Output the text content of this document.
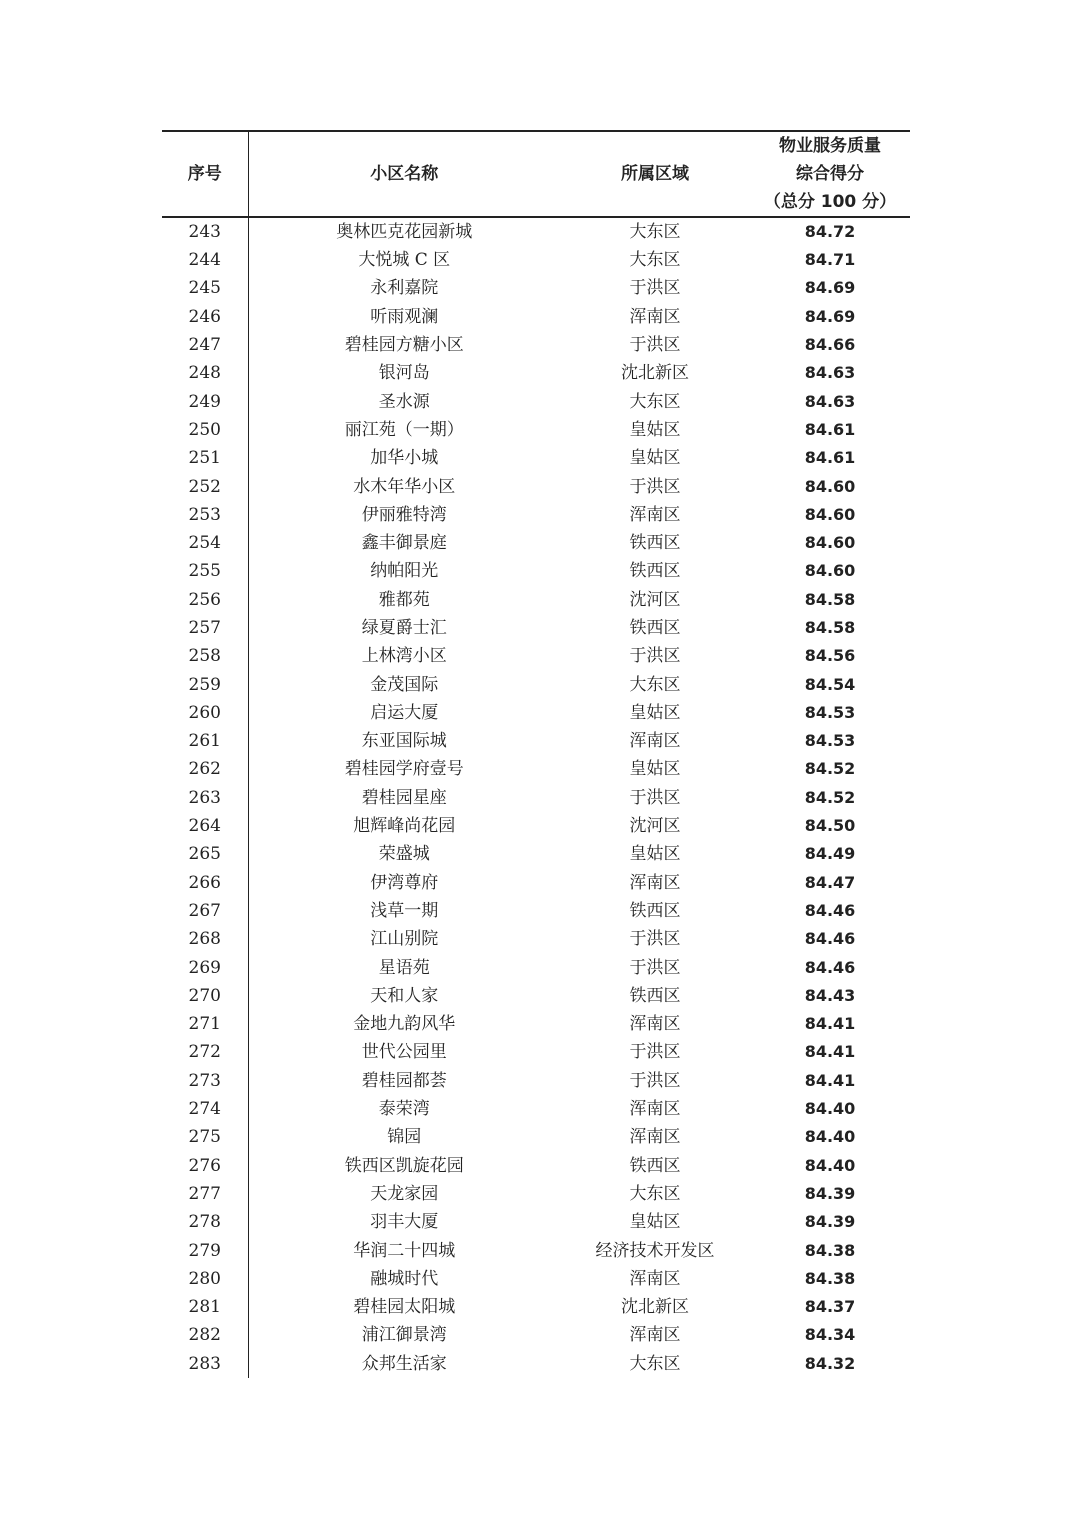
序号	小区名称	所属区域	物业服务质量
综合得分
（总分 100 分）

243	奥林匹克花园新城	大东区	84.72
244	大悦城 C 区	大东区	84.71
245	永利嘉院	于洪区	84.69
246	听雨观澜	浑南区	84.69
247	碧桂园方糖小区	于洪区	84.66
248	银河岛	沈北新区	84.63
249	圣水源	大东区	84.63
250	丽江苑（一期）	皇姑区	84.61
251	加华小城	皇姑区	84.61
252	水木年华小区	于洪区	84.60
253	伊丽雅特湾	浑南区	84.60
254	鑫丰御景庭	铁西区	84.60
255	纳帕阳光	铁西区	84.60
256	雅都苑	沈河区	84.58
257	绿夏爵士汇	铁西区	84.58
258	上林湾小区	于洪区	84.56
259	金茂国际	大东区	84.54
260	启运大厦	皇姑区	84.53
261	东亚国际城	浑南区	84.53
262	碧桂园学府壹号	皇姑区	84.52
263	碧桂园星座	于洪区	84.52
264	旭辉峰尚花园	沈河区	84.50
265	荣盛城	皇姑区	84.49
266	伊湾尊府	浑南区	84.47
267	浅草一期	铁西区	84.46
268	江山别院	于洪区	84.46
269	星语苑	于洪区	84.46
270	天和人家	铁西区	84.43
271	金地九韵风华	浑南区	84.41
272	世代公园里	于洪区	84.41
273	碧桂园都荟	于洪区	84.41
274	泰荣湾	浑南区	84.40
275	锦园	浑南区	84.40
276	铁西区凯旋花园	铁西区	84.40
277	天龙家园	大东区	84.39
278	羽丰大厦	皇姑区	84.39
279	华润二十四城	经济技术开发区	84.38
280	融城时代	浑南区	84.38
281	碧桂园太阳城	沈北新区	84.37
282	浦江御景湾	浑南区	84.34
283	众邦生活家	大东区	84.32
